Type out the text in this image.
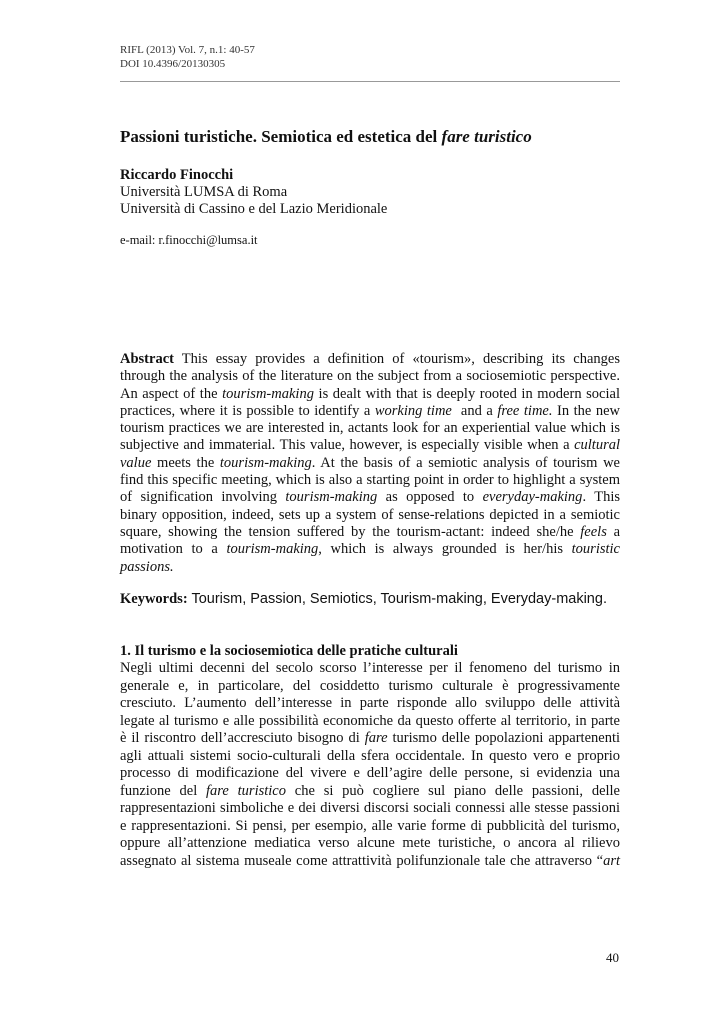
RIFL (2013) Vol. 7, n.1: 40-57
DOI 10.4396/20130305
Passioni turistiche. Semiotica ed estetica del fare turistico
Riccardo Finocchi
Università LUMSA di Roma
Università di Cassino e del Lazio Meridionale
e-mail: r.finocchi@lumsa.it
Abstract This essay provides a definition of «tourism», describing its changes
through the analysis of the literature on the subject from a sociosemiotic perspective.
An aspect of the tourism-making is dealt with that is deeply rooted in modern social
practices, where it is possible to identify a working time  and a free time. In the new
tourism practices we are interested in, actants look for an experiential value which is
subjective and immaterial. This value, however, is especially visible when a cultural
value meets the tourism-making. At the basis of a semiotic analysis of tourism we
find this specific meeting, which is also a starting point in order to highlight a system
of signification involving tourism-making as opposed to everyday-making. This
binary opposition, indeed, sets up a system of sense-relations depicted in a semiotic
square, showing the tension suffered by the tourism-actant: indeed she/he feels a
motivation to a tourism-making, which is always grounded is her/his touristic
passions.
Keywords: Tourism, Passion, Semiotics, Tourism-making, Everyday-making.
1. Il turismo e la sociosemiotica delle pratiche culturali
Negli ultimi decenni del secolo scorso l’interesse per il fenomeno del turismo in
generale e, in particolare, del cosiddetto turismo culturale è progressivamente
cresciuto. L’aumento dell’interesse in parte risponde allo sviluppo delle attività
legate al turismo e alle possibilità economiche da questo offerte al territorio, in parte
è il riscontro dell’accresciuto bisogno di fare turismo delle popolazioni appartenenti
agli attuali sistemi socio-culturali della sfera occidentale. In questo vero e proprio
processo di modificazione del vivere e dell’agire delle persone, si evidenzia una
funzione del fare turistico che si può cogliere sul piano delle passioni, delle
rappresentazioni simboliche e dei diversi discorsi sociali connessi alle stesse passioni
e rappresentazioni. Si pensi, per esempio, alle varie forme di pubblicità del turismo,
oppure all’attenzione mediatica verso alcune mete turistiche, o ancora al rilievo
assegnato al sistema museale come attrattività polifunzionale tale che attraverso “art
40
